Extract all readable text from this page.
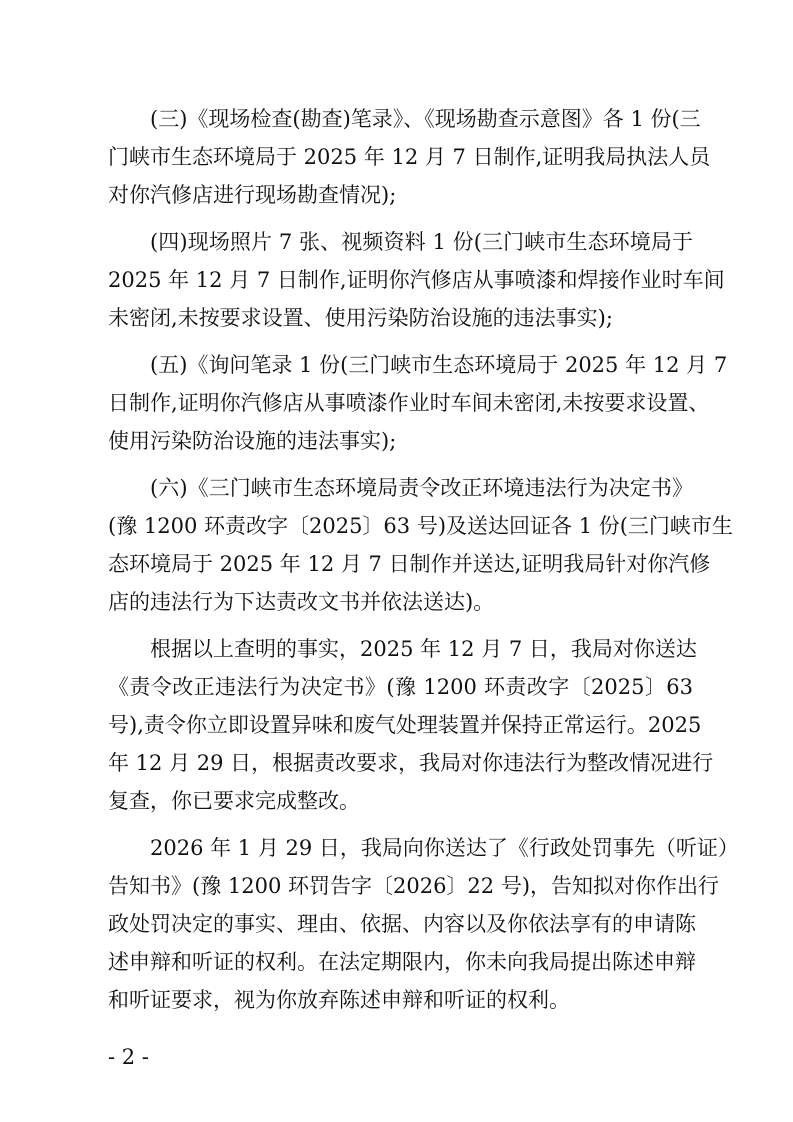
(三)《现场检查(勘查)笔录》、《现场勘查示意图》各 1 份(三
门峡市生态环境局于 2025 年 12 月 7 日制作,证明我局执法人员
对你汽修店进行现场勘查情况);
(四)现场照片 7 张、视频资料 1 份(三门峡市生态环境局于
2025 年 12 月 7 日制作,证明你汽修店从事喷漆和焊接作业时车间
未密闭,未按要求设置、使用污染防治设施的违法事实);
(五)《询问笔录 1 份(三门峡市生态环境局于 2025 年 12 月 7
日制作,证明你汽修店从事喷漆作业时车间未密闭,未按要求设置、
使用污染防治设施的违法事实);
(六)《三门峡市生态环境局责令改正环境违法行为决定书》
(豫 1200 环责改字〔2025〕63 号)及送达回证各 1 份(三门峡市生
态环境局于 2025 年 12 月 7 日制作并送达,证明我局针对你汽修
店的违法行为下达责改文书并依法送达)。
根据以上查明的事实，2025 年 12 月 7 日，我局对你送达
《责令改正违法行为决定书》(豫 1200 环责改字〔2025〕63
号),责令你立即设置异味和废气处理装置并保持正常运行。2025
年 12 月 29 日，根据责改要求，我局对你违法行为整改情况进行
复查，你已要求完成整改。
2026 年 1 月 29 日，我局向你送达了《行政处罚事先（听证）
告知书》(豫 1200 环罚告字〔2026〕22 号)，告知拟对你作出行
政处罚决定的事实、理由、依据、内容以及你依法享有的申请陈
述申辩和听证的权利。在法定期限内，你未向我局提出陈述申辩
和听证要求，视为你放弃陈述申辩和听证的权利。
- 2 -
